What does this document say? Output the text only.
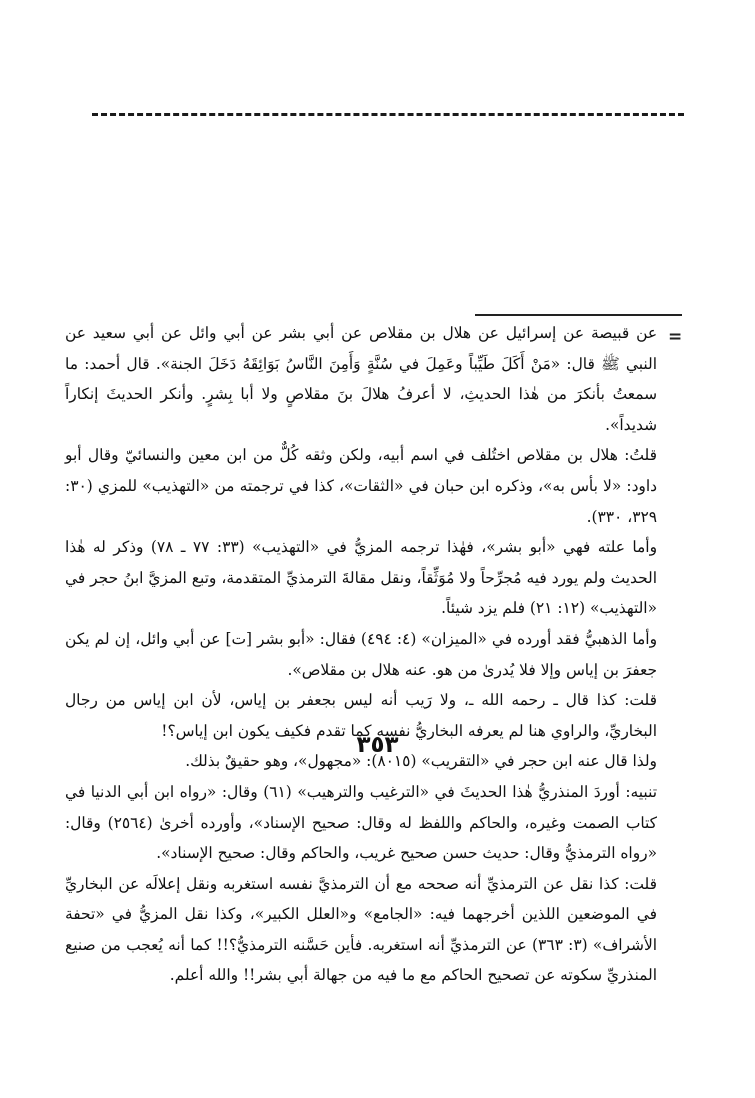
=

عن قبيصة عن إسرائيل عن هلال بن مقلاص عن أبي بشر عن أبي وائل عن أبي سعيد عن النبي ﷺ قال: «مَنْ أَكَلَ طَيِّباً وعَمِلَ في سُنَّةٍ وَأَمِنَ النَّاسُ بَوَائِقَهُ دَخَلَ الجنة». قال أحمد: ما سمعتُ بأنكرَ من هٰذا الحديثِ، لا أعرفُ هلالَ بنَ مقلاصٍ ولا أبا بِشرٍ. وأنكر الحديثَ إنكاراً شديداً».

قلتُ: هلال بن مقلاص اختُلف في اسم أبيه، ولكن وثقه كُلٌّ من ابن معين والنسائيّ وقال أبو داود: «لا بأس به»، وذكره ابن حبان في «الثقات»، كذا في ترجمته من «التهذيب» للمزي (٣٠: ٣٢٩، ٣٣٠).

وأما علته فهي «أبو بشر»، فهٰذا ترجمه المزيُّ في «التهذيب» (٣٣: ٧٧ ـ ٧٨) وذكر له هٰذا الحديث ولم يورد فيه مُجرِّحاً ولا مُوَثِّقاً، ونقل مقالةَ الترمذيِّ المتقدمة، وتبع المزيَّ ابنُ حجر في «التهذيب» (١٢: ٢١) فلم يزد شيئاً.

وأما الذهبيُّ فقد أورده في «الميزان» (٤: ٤٩٤) فقال: «أبو بشر [ت] عن أبي وائل، إن لم يكن جعفرَ بن إياس وإلا فلا يُدرىٰ من هو. عنه هلال بن مقلاص».

قلت: كذا قال ـ رحمه الله ـ، ولا رَيب أنه ليس بجعفر بن إياس، لأن ابن إياس من رجال البخاريِّ، والراوي هنا لم يعرفه البخاريُّ نفسه كما تقدم فكيف يكون ابن إياس؟!

ولذا قال عنه ابن حجر في «التقريب» (٨٠١٥): «مجهول»، وهو حقيقٌ بذلك.

تنبيه: أوردَ المنذريُّ هٰذا الحديثَ في «الترغيب والترهيب» (٦١) وقال: «رواه ابن أبي الدنيا في كتاب الصمت وغيره، والحاكم واللفظ له وقال: صحيح الإسناد»، وأورده أخرىٰ (٢٥٦٤) وقال: «رواه الترمذيُّ وقال: حديث حسن صحيح غريب، والحاكم وقال: صحيح الإسناد».

قلت: كذا نقل عن الترمذيِّ أنه صححه مع أن الترمذيَّ نفسه استغربه ونقل إعلالَه عن البخاريِّ في الموضعين اللذين أخرجهما فيه: «الجامع» و«العلل الكبير»، وكذا نقل المزيُّ في «تحفة الأشراف» (٣: ٣٦٣) عن الترمذيِّ أنه استغربه. فأين حَسَّنه الترمذيُّ؟!! كما أنه يُعجب من صنيع المنذريِّ سكوته عن تصحيح الحاكم مع ما فيه من جهالة أبي بشر!! والله أعلم.

٣٥٣
